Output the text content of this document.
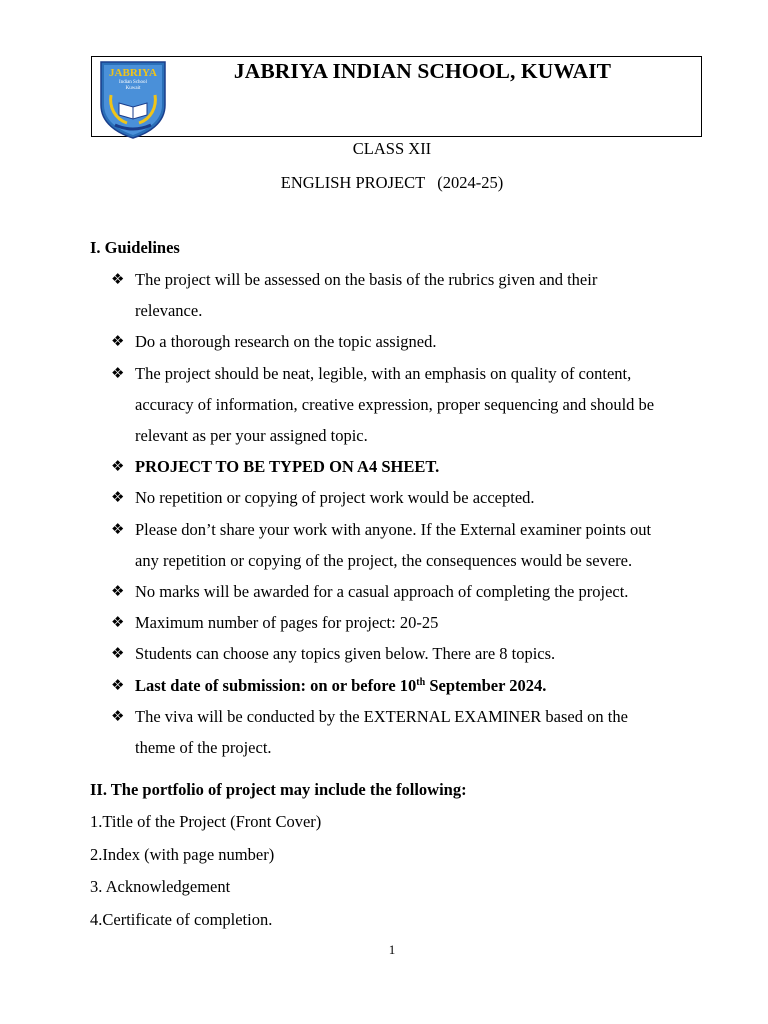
JABRIYA
Indian School
Kuwait
JABRIYA INDIAN SCHOOL, KUWAIT
CLASS XII
ENGLISH PROJECT   (2024-25)
I. Guidelines
❖ The project will be assessed on the basis of the rubrics given and their
relevance.
❖ Do a thorough research on the topic assigned.
❖ The project should be neat, legible, with an emphasis on quality of content,
accuracy of information, creative expression, proper sequencing and should be
relevant as per your assigned topic.
❖ PROJECT TO BE TYPED ON A4 SHEET.
❖ No repetition or copying of project work would be accepted.
❖ Please don’t share your work with anyone. If the External examiner points out
any repetition or copying of the project, the consequences would be severe.
❖ No marks will be awarded for a casual approach of completing the project.
❖ Maximum number of pages for project: 20-25
❖ Students can choose any topics given below. There are 8 topics.
❖ Last date of submission: on or before 10th September 2024.
❖ The viva will be conducted by the EXTERNAL EXAMINER based on the
theme of the project.
II. The portfolio of project may include the following:
1.Title of the Project (Front Cover)
2.Index (with page number)
3. Acknowledgement
4.Certificate of completion.
1
